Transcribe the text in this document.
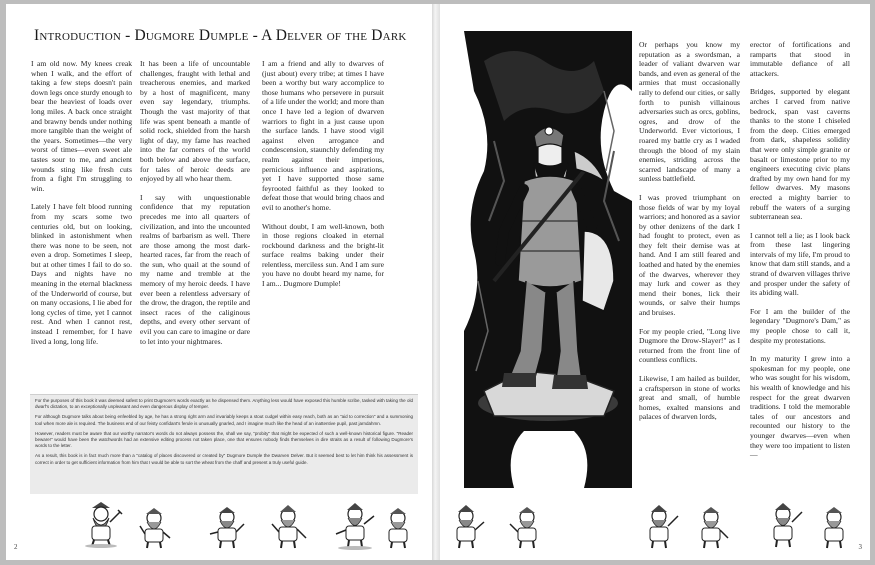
Introduction - Dugmore Dumple - A Delver of the Dark

I am old now. My knees creak when I walk, and the effort of taking a few steps doesn't pain down legs once sturdy enough to bear the heaviest of loads over long miles. A back once straight and brawny bends under nothing more tangible than the weight of the years. Sometimes—the very worst of times—even sweet ale tastes sour to me, and ancient wounds sting like fresh cuts from a fight I'm struggling to win.

Lately I have felt blood running from my scars some two centuries old, but on looking, blinked in astonishment when there was none to be seen, not even a drop. Sometimes I sleep, but at other times I fail to do so. Days and nights have no meaning in the eternal blackness of the Underworld of course, but on many occasions, I lie abed for long cycles of time, yet I cannot rest. And when I cannot rest, instead I remember, for I have lived a long, long life.

It has been a life of uncountable challenges, fraught with lethal and treacherous enemies, and marked by a host of magnificent, many even say legendary, triumphs. Though the vast majority of that life was spent beneath a mantle of solid rock, shielded from the harsh light of day, my fame has reached into the far corners of the world both below and above the surface, for tales of heroic deeds are enjoyed by all who hear them.

I say with unquestionable confidence that my reputation precedes me into all quarters of civilization, and into the uncounted realms of barbarism as well. There are those among the most dark-hearted races, far from the reach of the sun, who quail at the sound of my name and tremble at the memory of my heroic deeds. I have ever been a relentless adversary of the drow, the dragon, the reptile and insect races of the caliginous depths, and every other servant of evil you can care to imagine or dare to let into your nightmares.

I am a friend and ally to dwarves of (just about) every tribe; at times I have been a worthy but wary accomplice to those humans who persevere in pursuit of a life under the world; and more than once I have led a legion of dwarven warriors to fight in a just cause upon the surface lands. I have stood vigil against elven arrogance and condescension, staunchly defending my realm against their imperious, pernicious influence and aspirations, yet I have supported those same feyrooted faithful as they looked to defeat those that would bring chaos and evil to another's home.

Without doubt, I am well-known, both in those regions cloaked in eternal rockbound darkness and the bright-lit surface realms baking under their relentless, merciless sun. And I am sure you have no doubt heard my name, for I am... Dugmore Dumple!

For the purposes of this book it was deemed safest to print Dugmore's words exactly as he dispensed them. Anything less would have exposed this humble scribe, tasked with taking the old dwarf's dictation, to an exceptionally unpleasant and even dangerous display of temper.

For although Dugmore talks about being enfeebled by age, he has a strong right arm and invariably keeps a stout cudgel within easy reach, both as an "aid to correction" and a summoning tool when more ale is required. The business end of our feisty confidant's ferule is unusually gnarled, and I imagine much like the head of an inattentive pupil, past jarndahmn.

However, readers must be aware that our worthy narrator's words do not always possess the, shall we say, "probity" that might be expected of such a well-known historical figure. "Reader beware!" would have been the watchwords had an extensive editing process not taken place, one that ensures nobody finds themselves in dire straits as a result of following Dugmore's words to the letter.

As a result, this book is in fact much more than a "catalog of places discovered or created by" Dugmore Dumple the Dwarven Delver. But it seemed best to let him think his assessment is correct in order to get sufficient information from him that I would be able to sort the wheat from the chaff and present a truly useful guide.

2

Or perhaps you know my reputation as a swordsman, a leader of valiant dwarven war bands, and even as general of the armies that must occasionally rally to defend our cities, or sally forth to punish villainous adversaries such as orcs, goblins, ogres, and drow of the Underworld. Ever victorious, I roared my battle cry as I waded through the blood of my slain enemies, striding across the scarred landscape of many a sunless battlefield.

I was proved triumphant on those fields of war by my loyal warriors; and honored as a savior by other denizens of the dark I had fought to protect, even as they felt their demise was at hand. And I am still feared and loathed and hated by the enemies of the dwarves, wherever they may lurk and cower as they mend their bones, lick their wounds, or salve their humps and bruises.

For my people cried, "Long live Dugmore the Drow-Slayer!" as I returned from the front line of countless conflicts.

Likewise, I am hailed as builder, a craftsperson in stone of works great and small, of humble homes, exalted mansions and palaces of dwarven lords,

erector of fortifications and ramparts that stood in immutable defiance of all attackers.

Bridges, supported by elegant arches I carved from native bedrock, span vast caverns thanks to the stone I chiseled from the deep. Cities emerged from dark, shapeless solidity that were only simple granite or basalt or limestone prior to my engineers executing civic plans drafted by my own hand for my fellow dwarves. My masons erected a mighty barrier to rebuff the waters of a surging subterranean sea.

I cannot tell a lie; as I look back from these last lingering intervals of my life, I'm proud to know that dam still stands, and a strand of dwarven villages thrive and prosper under the safety of its abiding wall.

For I am the builder of the legendary "Dugmore's Dam," as my people chose to call it, despite my protestations.

In my maturity I grew into a spokesman for my people, one who was sought for his wisdom, his wealth of knowledge and his respect for the great dwarven traditions. I told the memorable tales of our ancestors and recounted our history to the younger dwarves—even when they were too impatient to listen—

3
